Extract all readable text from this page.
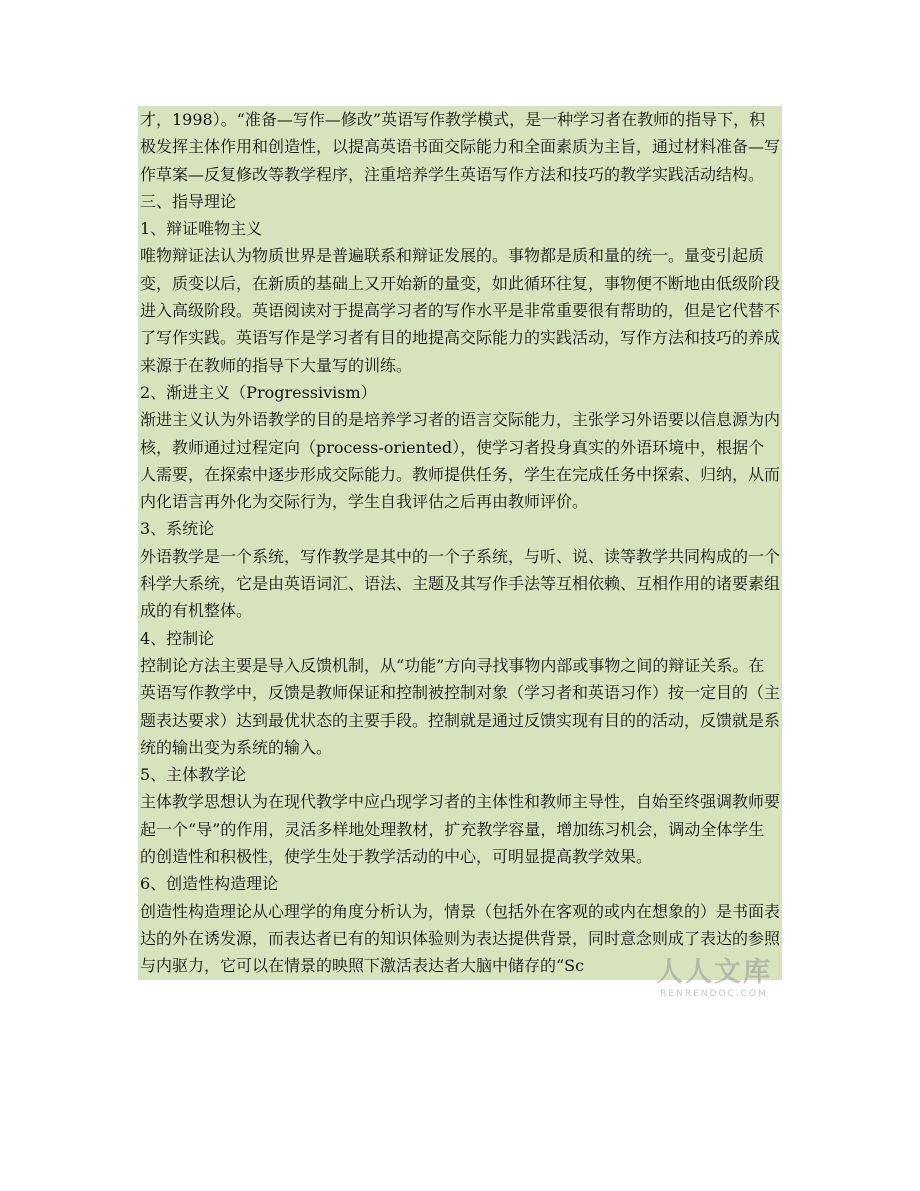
才，1998）。“准备—写作—修改”英语写作教学模式，是一种学习者在教师的指导下，积极发挥主体作用和创造性，以提高英语书面交际能力和全面素质为主旨，通过材料准备—写作草案—反复修改等教学程序，注重培养学生英语写作方法和技巧的教学实践活动结构。

三、指导理论

1、辩证唯物主义

唯物辩证法认为物质世界是普遍联系和辩证发展的。事物都是质和量的统一。量变引起质变，质变以后，在新质的基础上又开始新的量变，如此循环往复，事物便不断地由低级阶段进入高级阶段。英语阅读对于提高学习者的写作水平是非常重要很有帮助的，但是它代替不了写作实践。英语写作是学习者有目的地提高交际能力的实践活动，写作方法和技巧的养成来源于在教师的指导下大量写的训练。

2、渐进主义（Progressivism）

渐进主义认为外语教学的目的是培养学习者的语言交际能力，主张学习外语要以信息源为内核，教师通过过程定向（process-oriented），使学习者投身真实的外语环境中，根据个人需要，在探索中逐步形成交际能力。教师提供任务，学生在完成任务中探索、归纳，从而内化语言再外化为交际行为，学生自我评估之后再由教师评价。

3、系统论

外语教学是一个系统，写作教学是其中的一个子系统，与听、说、读等教学共同构成的一个科学大系统，它是由英语词汇、语法、主题及其写作手法等互相依赖、互相作用的诸要素组成的有机整体。

4、控制论

控制论方法主要是导入反馈机制，从“功能”方向寻找事物内部或事物之间的辩证关系。在英语写作教学中，反馈是教师保证和控制被控制对象（学习者和英语习作）按一定目的（主题表达要求）达到最优状态的主要手段。控制就是通过反馈实现有目的的活动，反馈就是系统的输出变为系统的输入。

5、主体教学论

主体教学思想认为在现代教学中应凸现学习者的主体性和教师主导性，自始至终强调教师要起一个“导”的作用，灵活多样地处理教材，扩充教学容量，增加练习机会，调动全体学生的创造性和积极性，使学生处于教学活动的中心，可明显提高教学效果。

6、创造性构造理论

创造性构造理论从心理学的角度分析认为，情景（包括外在客观的或内在想象的）是书面表达的外在诱发源，而表达者已有的知识体验则为表达提供背景，同时意念则成了表达的参照与内驱力，它可以在情景的映照下激活表达者大脑中储存的“Sc	人人文库
RENRENDOC.COM
